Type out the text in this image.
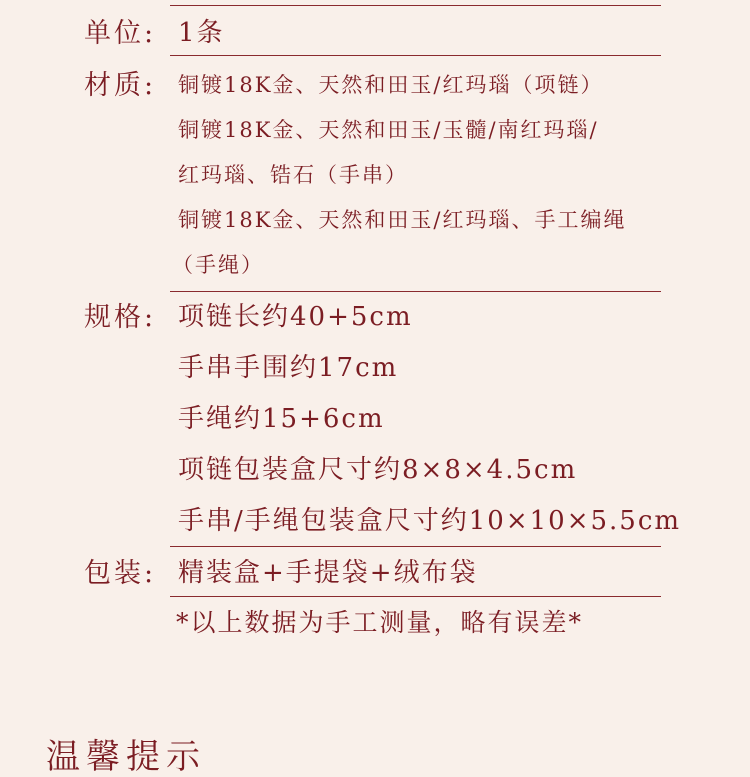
单位: 1条
材质: 铜镀18K金、天然和田玉/红玛瑙（项链）
铜镀18K金、天然和田玉/玉髓/南红玛瑙/
红玛瑙、锆石（手串）
铜镀18K金、天然和田玉/红玛瑙、手工编绳
（手绳）
规格: 项链长约40+5cm
手串手围约17cm
手绳约15+6cm
项链包装盒尺寸约8×8×4.5cm
手串/手绳包装盒尺寸约10×10×5.5cm
包装: 精装盒+手提袋+绒布袋
*以上数据为手工测量，略有误差*
温馨提示
